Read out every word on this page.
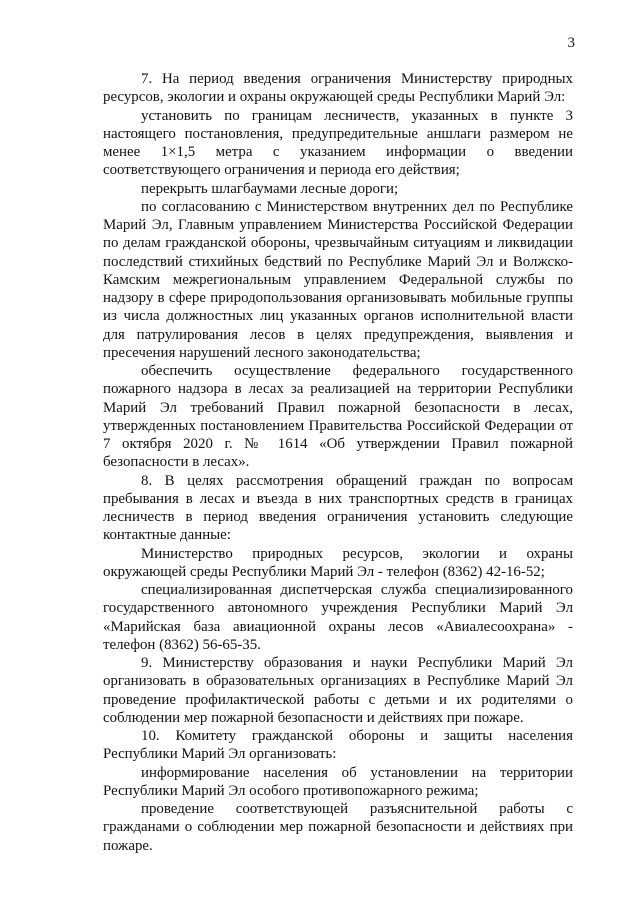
3

7. На период введения ограничения Министерству природных ресурсов, экологии и охраны окружающей среды Республики Марий Эл:

установить по границам лесничеств, указанных в пункте 3 настоящего постановления, предупредительные аншлаги размером не менее 1×1,5 метра с указанием информации о введении соответствующего ограничения и периода его действия;

перекрыть шлагбаумами лесные дороги;

по согласованию с Министерством внутренних дел по Республике Марий Эл, Главным управлением Министерства Российской Федерации по делам гражданской обороны, чрезвычайным ситуациям и ликвидации последствий стихийных бедствий по Республике Марий Эл и Волжско-Камским межрегиональным управлением Федеральной службы по надзору в сфере природопользования организовывать мобильные группы из числа должностных лиц указанных органов исполнительной власти для патрулирования лесов в целях предупреждения, выявления и пресечения нарушений лесного законодательства;

обеспечить осуществление федерального государственного пожарного надзора в лесах за реализацией на территории Республики Марий Эл требований Правил пожарной безопасности в лесах, утвержденных постановлением Правительства Российской Федерации от 7 октября 2020 г. № 1614 «Об утверждении Правил пожарной безопасности в лесах».

8. В целях рассмотрения обращений граждан по вопросам пребывания в лесах и въезда в них транспортных средств в границах лесничеств в период введения ограничения установить следующие контактные данные:

Министерство природных ресурсов, экологии и охраны окружающей среды Республики Марий Эл - телефон (8362) 42-16-52;

специализированная диспетчерская служба специализированного государственного автономного учреждения Республики Марий Эл «Марийская база авиационной охраны лесов «Авиалесоохрана» - телефон (8362) 56-65-35.

9. Министерству образования и науки Республики Марий Эл организовать в образовательных организациях в Республике Марий Эл проведение профилактической работы с детьми и их родителями о соблюдении мер пожарной безопасности и действиях при пожаре.

10. Комитету гражданской обороны и защиты населения Республики Марий Эл организовать:

информирование населения об установлении на территории Республики Марий Эл особого противопожарного режима;

проведение соответствующей разъяснительной работы с гражданами о соблюдении мер пожарной безопасности и действиях при пожаре.
